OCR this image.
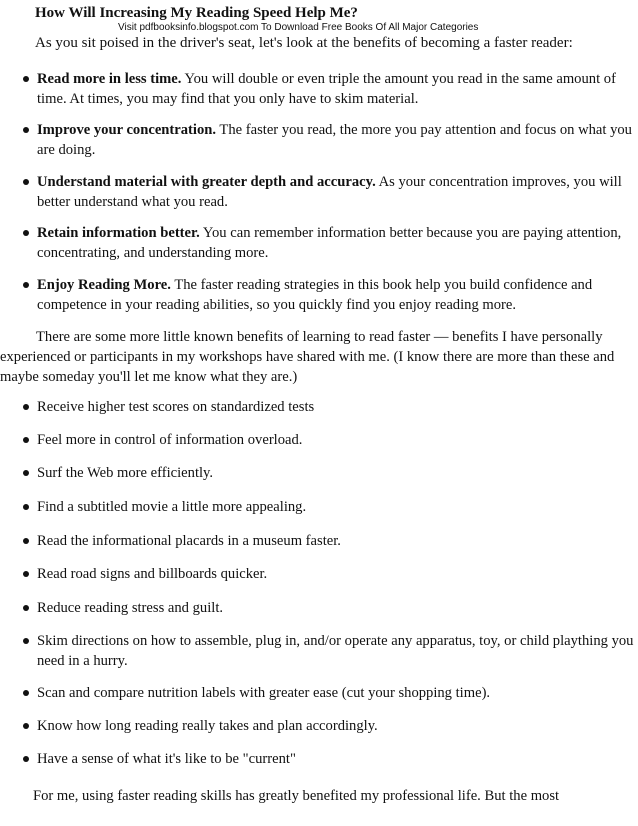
How Will Increasing My Reading Speed Help Me?
Visit pdfbooksinfo.blogspot.com To Download Free Books Of All Major Categories

As you sit poised in the driver's seat, let's look at the benefits of becoming a faster reader:

Read more in less time. You will double or even triple the amount you read in the same amount of time. At times, you may find that you only have to skim material.
Improve your concentration. The faster you read, the more you pay attention and focus on what you are doing.
Understand material with greater depth and accuracy. As your concentration improves, you will better understand what you read.
Retain information better. You can remember information better because you are paying attention, concentrating, and understanding more.
Enjoy Reading More. The faster reading strategies in this book help you build confidence and competence in your reading abilities, so you quickly find you enjoy reading more.

There are some more little known benefits of learning to read faster — benefits I have personally experienced or participants in my workshops have shared with me. (I know there are more than these and maybe someday you'll let me know what they are.)

Receive higher test scores on standardized tests
Feel more in control of information overload.
Surf the Web more efficiently.
Find a subtitled movie a little more appealing.
Read the informational placards in a museum faster.
Read road signs and billboards quicker.
Reduce reading stress and guilt.
Skim directions on how to assemble, plug in, and/or operate any apparatus, toy, or child plaything you need in a hurry.
Scan and compare nutrition labels with greater ease (cut your shopping time).
Know how long reading really takes and plan accordingly.
Have a sense of what it's like to be "current"

For me, using faster reading skills has greatly benefited my professional life. But the most
